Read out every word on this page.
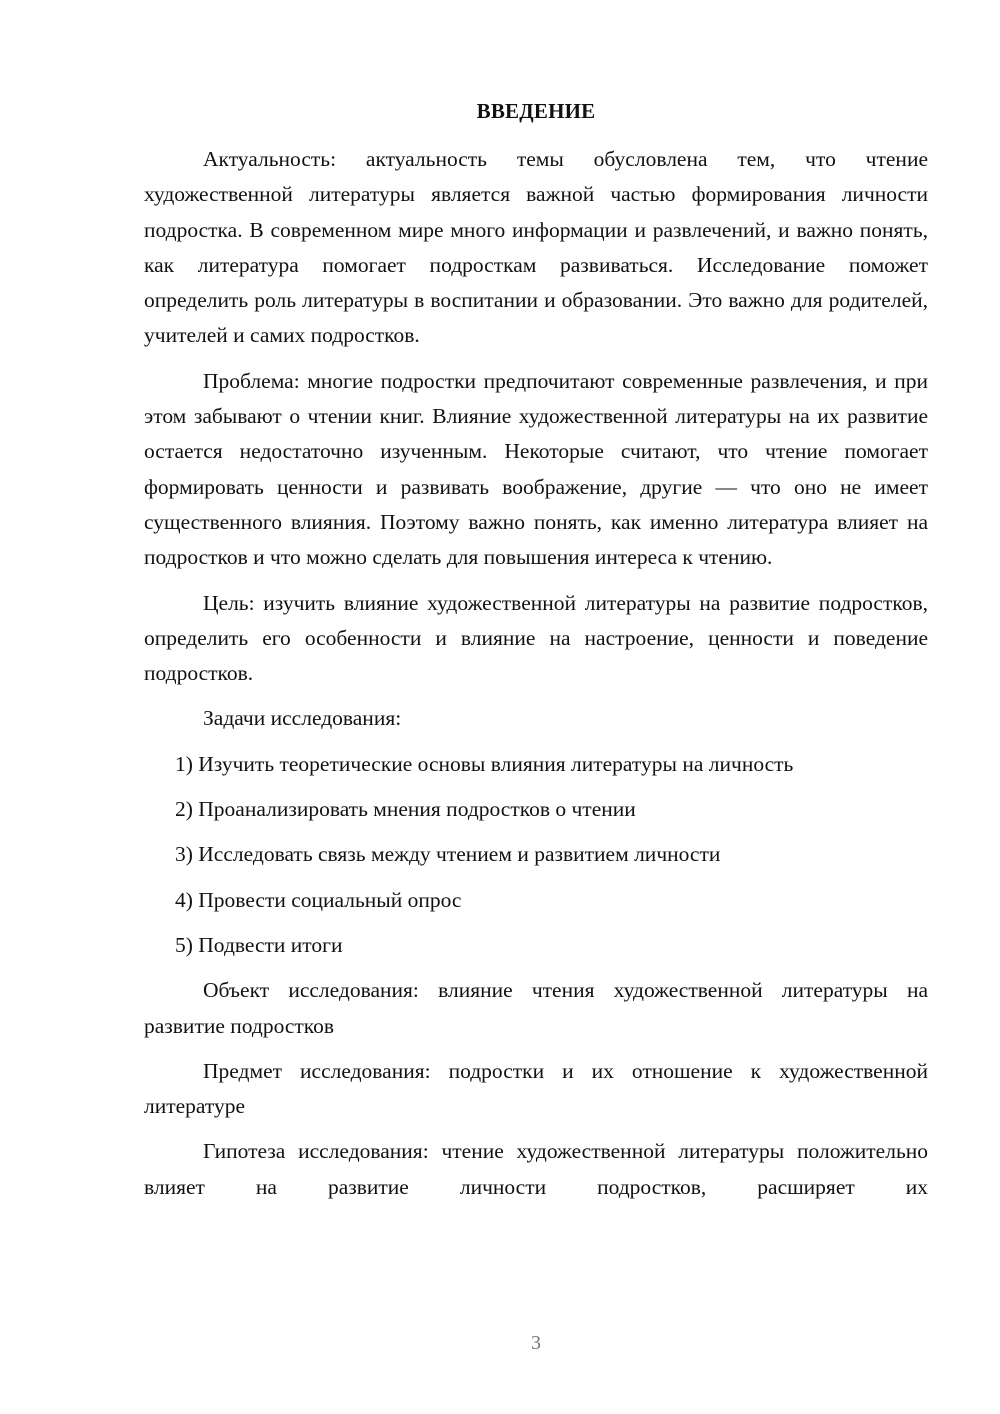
ВВЕДЕНИЕ

Актуальность: актуальность темы обусловлена тем, что чтение художественной литературы является важной частью формирования личности подростка. В современном мире много информации и развлечений, и важно понять, как литература помогает подросткам развиваться. Исследование поможет определить роль литературы в воспитании и образовании. Это важно для родителей, учителей и самих подростков.

Проблема: многие подростки предпочитают современные развлечения, и при этом забывают о чтении книг. Влияние художественной литературы на их развитие остается недостаточно изученным. Некоторые считают, что чтение помогает формировать ценности и развивать воображение, другие — что оно не имеет существенного влияния. Поэтому важно понять, как именно литература влияет на подростков и что можно сделать для повышения интереса к чтению.

Цель: изучить влияние художественной литературы на развитие подростков, определить его особенности и влияние на настроение, ценности и поведение подростков.

Задачи исследования:

1) Изучить теоретические основы влияния литературы на личность

2) Проанализировать мнения подростков о чтении

3) Исследовать связь между чтением и развитием личности

4) Провести социальный опрос

5) Подвести итоги

Объект исследования: влияние чтения художественной литературы на развитие подростков

Предмет исследования: подростки и их отношение к художественной литературе

Гипотеза исследования: чтение художественной литературы положительно влияет на развитие личности подростков, расширяет их

3
